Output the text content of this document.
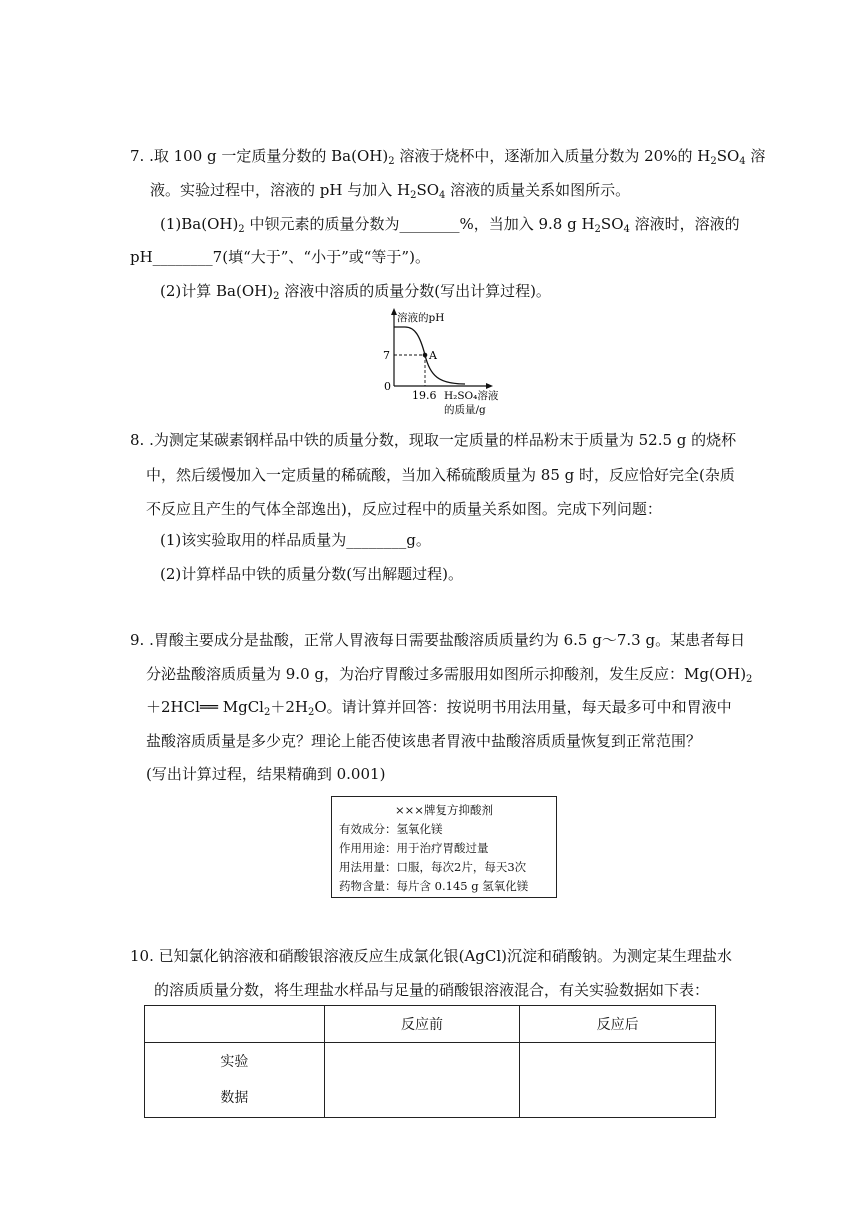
7. .取 100 g 一定质量分数的 $Ba(OH)_2$ 溶液于烧杯中，逐渐加入质量分数为 20%的 $H_2SO_4$ 溶
液。实验过程中，溶液的 pH 与加入 $H_2SO_4$ 溶液的质量关系如图所示。
$(1)Ba(OH)_2$ 中钡元素的质量分数为________%，当加入 9.8 g $H_2SO_4$ 溶液时，溶液的
pH________7(填“大于”、“小于”或“等于”)。
(2)计算 $Ba(OH)_2$ 溶液中溶质的质量分数(写出计算过程)。
溶液的pH
7
0
A
19.6 H₂SO₄溶液
的质量/g
8. .为测定某碳素钢样品中铁的质量分数，现取一定质量的样品粉末于质量为 52.5 g 的烧杯
中，然后缓慢加入一定质量的稀硫酸，当加入稀硫酸质量为 85 g 时，反应恰好完全(杂质
不反应且产生的气体全部逸出)，反应过程中的质量关系如图。完成下列问题：
(1)该实验取用的样品质量为________g。
(2)计算样品中铁的质量分数(写出解题过程)。
9. .胃酸主要成分是盐酸，正常人胃液每日需要盐酸溶质质量约为 6.5 g～7.3 g。某患者每日
分泌盐酸溶质质量为 9.0 g，为治疗胃酸过多需服用如图所示抑酸剂，发生反应：$Mg(OH)_2$
＋2HCl══ $MgCl_2+2H_2O$。请计算并回答：按说明书用法用量，每天最多可中和胃液中
盐酸溶质质量是多少克？理论上能否使该患者胃液中盐酸溶质质量恢复到正常范围？
(写出计算过程，结果精确到 0.001)
×××牌复方抑酸剂
有效成分：氢氧化镁
作用用途：用于治疗胃酸过量
用法用量：口服，每次2片，每天3次
药物含量：每片含 0.145 g 氢氧化镁
10. 已知氯化钠溶液和硝酸银溶液反应生成氯化银(AgCl)沉淀和硝酸钠。为测定某生理盐水
的溶质质量分数，将生理盐水样品与足量的硝酸银溶液混合，有关实验数据如下表：
	反应前	反应后
实验
数据		
